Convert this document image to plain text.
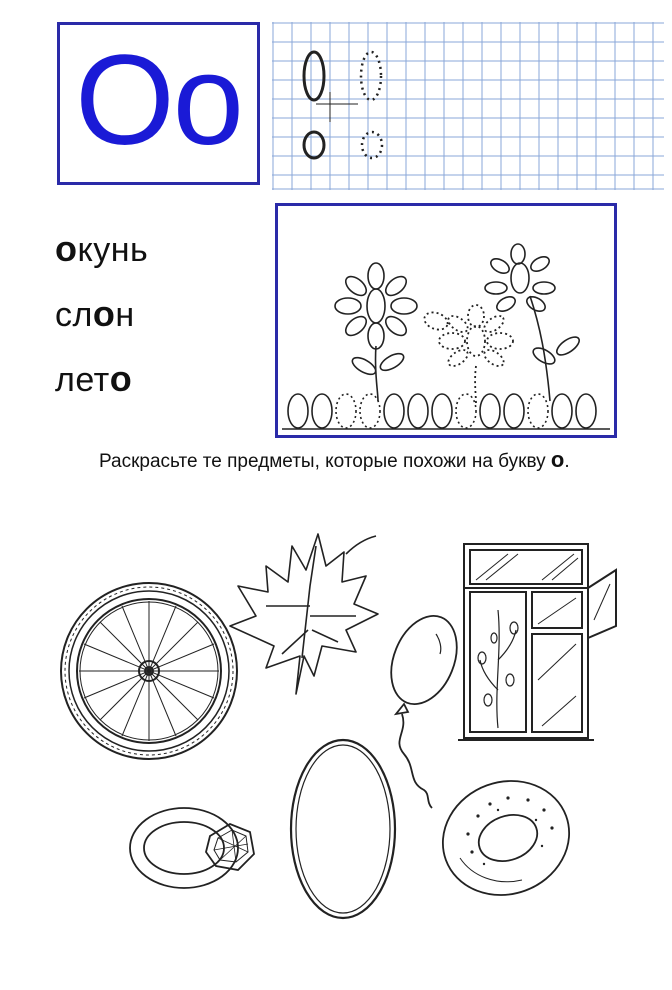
Оо
окунь
слон
лето
Раскрасьте те предметы, которые похожи на букву о.
